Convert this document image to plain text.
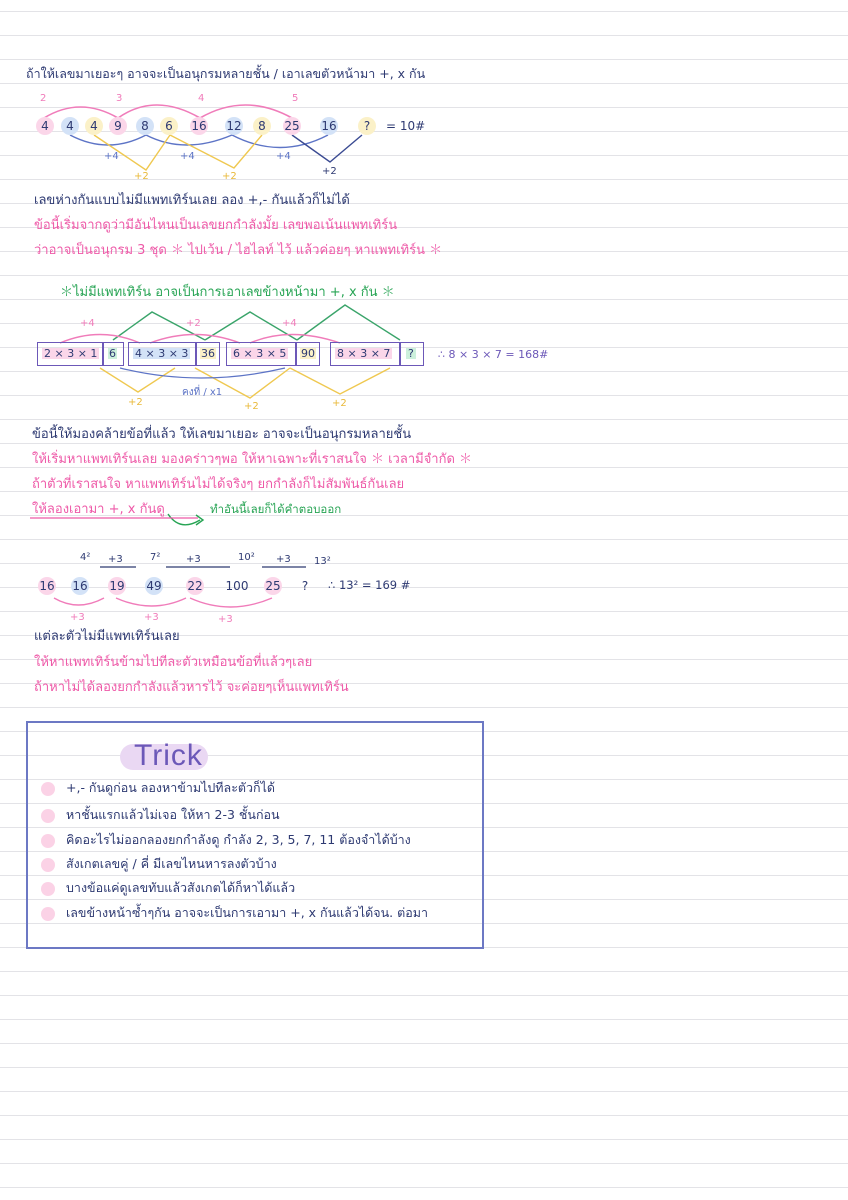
ถ้าให้เลขมาเยอะๆ อาจจะเป็นอนุกรมหลายชั้น / เอาเลขตัวหน้ามา +, x กัน
2	3	4	5
4	4	4	9	8	6	16 12	8	25 16	?	= 10#
+4	+4	+4
+2	+2	+2
เลขห่างกันแบบไม่มีแพทเทิร์นเลย ลอง +,- กันแล้วก็ไม่ได้
ข้อนี้เริ่มจากดูว่ามีอันไหนเป็นเลขยกกำลังมั้ย เลขพอเน้นแพทเทิร์น
ว่าอาจเป็นอนุกรม 3 ชุด ＊ ไปเว้น / ไฮไลท์ ไว้ แล้วค่อยๆ หาแพทเทิร์น ＊
＊ไม่มีแพทเทิร์น อาจเป็นการเอาเลขข้างหน้ามา +, x กัน ＊
+4	+2	+4
2 × 3 × 1 6 4 × 3 × 3 36 6 × 3 × 5 90 8 × 3 × 7 ? ∴ 8 × 3 × 7 = 168#
+2	+2	+2
คงที่ / x1
ข้อนี้ให้มองคล้ายข้อที่แล้ว ให้เลขมาเยอะ อาจจะเป็นอนุกรมหลายชั้น
ให้เริ่มหาแพทเทิร์นเลย มองคร่าวๆพอ ให้หาเฉพาะที่เราสนใจ ＊ เวลามีจำกัด ＊
ถ้าตัวที่เราสนใจ หาแพทเทิร์นไม่ได้จริงๆ ยกกำลังก็ไม่สัมพันธ์กันเลย
ให้ลองเอามา +, x กันดู	ทำอันนี้เลยก็ได้คำตอบออก
4² +3	7²	+3	10² +3 13²
16 16 19 49 22 100 25	?	∴ 13² = 169 #
+3	+3	+3
แต่ละตัวไม่มีแพทเทิร์นเลย
ให้หาแพทเทิร์นข้ามไปทีละตัวเหมือนข้อที่แล้วๆเลย
ถ้าหาไม่ได้ลองยกกำลังแล้วหารไว้ จะค่อยๆเห็นแพทเทิร์น
Trick
+,- กันดูก่อน ลองหาข้ามไปทีละตัวก็ได้
หาชั้นแรกแล้วไม่เจอ ให้หา 2-3 ชั้นก่อน
คิดอะไรไม่ออกลองยกกำลังดู กำลัง 2, 3, 5, 7, 11 ต้องจำได้บ้าง
สังเกตเลขคู่ / คี่ มีเลขไหนหารลงตัวบ้าง
บางข้อแค่ดูเลขทับแล้วสังเกตได้ก็หาได้แล้ว
เลขข้างหน้าซ้ำๆกัน อาจจะเป็นการเอามา +, x กันแล้วได้จน. ต่อมา
